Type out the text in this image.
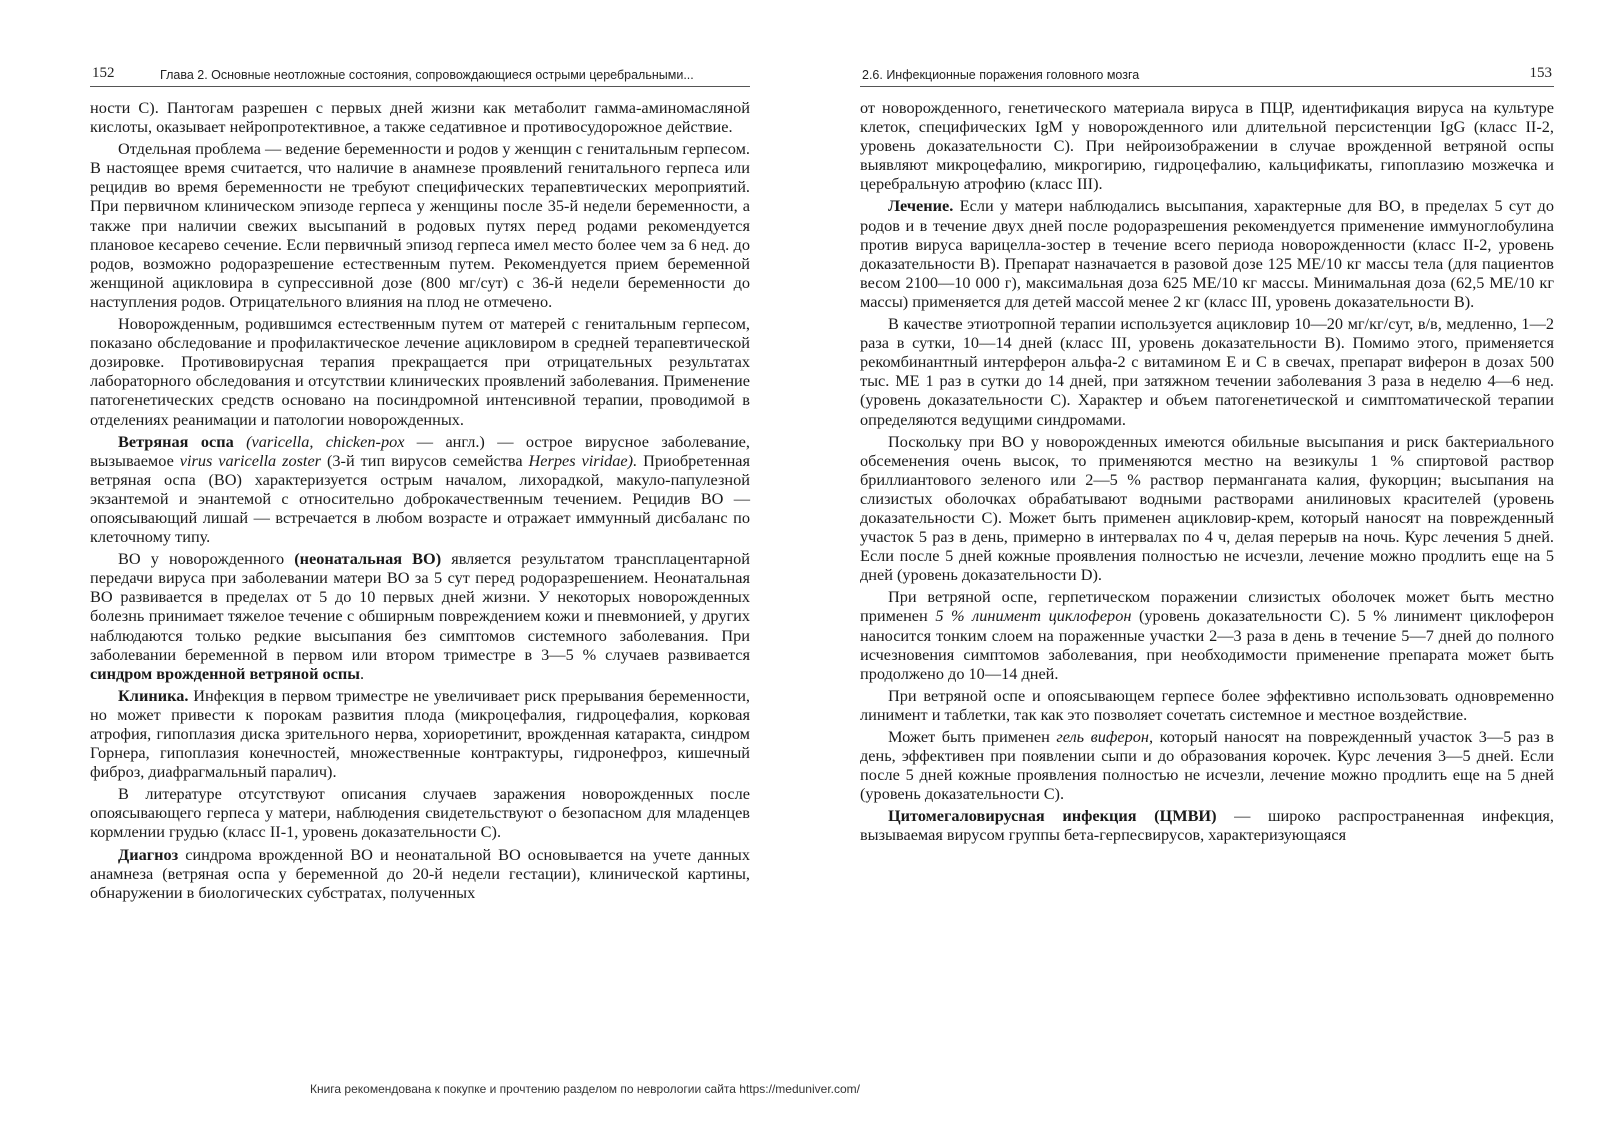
152	Глава 2. Основные неотложные состояния, сопровождающиеся острыми церебральными...

ности С). Пантогам разрешен с первых дней жизни как метаболит гамма-аминомасляной кислоты, оказывает нейропротективное, а также седативное и противосудорожное действие.

Отдельная проблема — ведение беременности и родов у женщин с генитальным герпесом. В настоящее время считается, что наличие в анамнезе проявлений генитального герпеса или рецидив во время беременности не требуют специфических терапевтических мероприятий. При первичном клиническом эпизоде герпеса у женщины после 35-й недели беременности, а также при наличии свежих высыпаний в родовых путях перед родами рекомендуется плановое кесарево сечение. Если первичный эпизод герпеса имел место более чем за 6 нед. до родов, возможно родоразрешение естественным путем. Рекомендуется прием беременной женщиной ацикловира в супрессивной дозе (800 мг/сут) с 36-й недели беременности до наступления родов. Отрицательного влияния на плод не отмечено.

Новорожденным, родившимся естественным путем от матерей с генитальным герпесом, показано обследование и профилактическое лечение ацикловиром в средней терапевтической дозировке. Противовирусная терапия прекращается при отрицательных результатах лабораторного обследования и отсутствии клинических проявлений заболевания. Применение патогенетических средств основано на посиндромной интенсивной терапии, проводимой в отделениях реанимации и патологии новорожденных.

Ветряная оспа (varicella, chicken-pox — англ.) — острое вирусное заболевание, вызываемое virus varicella zoster (3-й тип вирусов семейства Herpes viridae). Приобретенная ветряная оспа (ВО) характеризуется острым началом, лихорадкой, макуло-папулезной экзантемой и энантемой с относительно доброкачественным течением. Рецидив ВО — опоясывающий лишай — встречается в любом возрасте и отражает иммунный дисбаланс по клеточному типу.

ВО у новорожденного (неонатальная ВО) является результатом трансплацентарной передачи вируса при заболевании матери ВО за 5 сут перед родоразрешением. Неонатальная ВО развивается в пределах от 5 до 10 первых дней жизни. У некоторых новорожденных болезнь принимает тяжелое течение с обширным повреждением кожи и пневмонией, у других наблюдаются только редкие высыпания без симптомов системного заболевания. При заболевании беременной в первом или втором триместре в 3—5 % случаев развивается синдром врожденной ветряной оспы.

Клиника. Инфекция в первом триместре не увеличивает риск прерывания беременности, но может привести к порокам развития плода (микроцефалия, гидроцефалия, корковая атрофия, гипоплазия диска зрительного нерва, хориоретинит, врожденная катаракта, синдром Горнера, гипоплазия конечностей, множественные контрактуры, гидронефроз, кишечный фиброз, диафрагмальный паралич).

В литературе отсутствуют описания случаев заражения новорожденных после опоясывающего герпеса у матери, наблюдения свидетельствуют о безопасном для младенцев кормлении грудью (класс II-1, уровень доказательности С).

Диагноз синдрома врожденной ВО и неонатальной ВО основывается на учете данных анамнеза (ветряная оспа у беременной до 20-й недели гестации), клинической картины, обнаружении в биологических субстратах, полученных

2.6. Инфекционные поражения головного мозга	153

от новорожденного, генетического материала вируса в ПЦР, идентификация вируса на культуре клеток, специфических IgM у новорожденного или длительной персистенции IgG (класс II-2, уровень доказательности С). При нейроизображении в случае врожденной ветряной оспы выявляют микроцефалию, микрогирию, гидроцефалию, кальцификаты, гипоплазию мозжечка и церебральную атрофию (класс III).

Лечение. Если у матери наблюдались высыпания, характерные для ВО, в пределах 5 сут до родов и в течение двух дней после родоразрешения рекомендуется применение иммуноглобулина против вируса варицелла-зостер в течение всего периода новорожденности (класс II-2, уровень доказательности В). Препарат назначается в разовой дозе 125 МЕ/10 кг массы тела (для пациентов весом 2100—10 000 г), максимальная доза 625 МЕ/10 кг массы. Минимальная доза (62,5 МЕ/10 кг массы) применяется для детей массой менее 2 кг (класс III, уровень доказательности В).

В качестве этиотропной терапии используется ацикловир 10—20 мг/кг/сут, в/в, медленно, 1—2 раза в сутки, 10—14 дней (класс III, уровень доказательности В). Помимо этого, применяется рекомбинантный интерферон альфа-2 с витамином Е и С в свечах, препарат виферон в дозах 500 тыс. МЕ 1 раз в сутки до 14 дней, при затяжном течении заболевания 3 раза в неделю 4—6 нед. (уровень доказательности С). Характер и объем патогенетической и симптоматической терапии определяются ведущими синдромами.

Поскольку при ВО у новорожденных имеются обильные высыпания и риск бактериального обсеменения очень высок, то применяются местно на везикулы 1 % спиртовой раствор бриллиантового зеленого или 2—5 % раствор перманганата калия, фукорцин; высыпания на слизистых оболочках обрабатывают водными растворами анилиновых красителей (уровень доказательности С). Может быть применен ацикловир-крем, который наносят на поврежденный участок 5 раз в день, примерно в интервалах по 4 ч, делая перерыв на ночь. Курс лечения 5 дней. Если после 5 дней кожные проявления полностью не исчезли, лечение можно продлить еще на 5 дней (уровень доказательности D).

При ветряной оспе, герпетическом поражении слизистых оболочек может быть местно применен 5 % линимент циклоферон (уровень доказательности С). 5 % линимент циклоферон наносится тонким слоем на пораженные участки 2—3 раза в день в течение 5—7 дней до полного исчезновения симптомов заболевания, при необходимости применение препарата может быть продолжено до 10—14 дней.

При ветряной оспе и опоясывающем герпесе более эффективно использовать одновременно линимент и таблетки, так как это позволяет сочетать системное и местное воздействие.

Может быть применен гель виферон, который наносят на поврежденный участок 3—5 раз в день, эффективен при появлении сыпи и до образования корочек. Курс лечения 3—5 дней. Если после 5 дней кожные проявления полностью не исчезли, лечение можно продлить еще на 5 дней (уровень доказательности С).

Цитомегаловирусная инфекция (ЦМВИ) — широко распространенная инфекция, вызываемая вирусом группы бета-герпесвирусов, характеризующаяся

Книга рекомендована к покупке и прочтению разделом по неврологии сайта https://meduniver.com/
